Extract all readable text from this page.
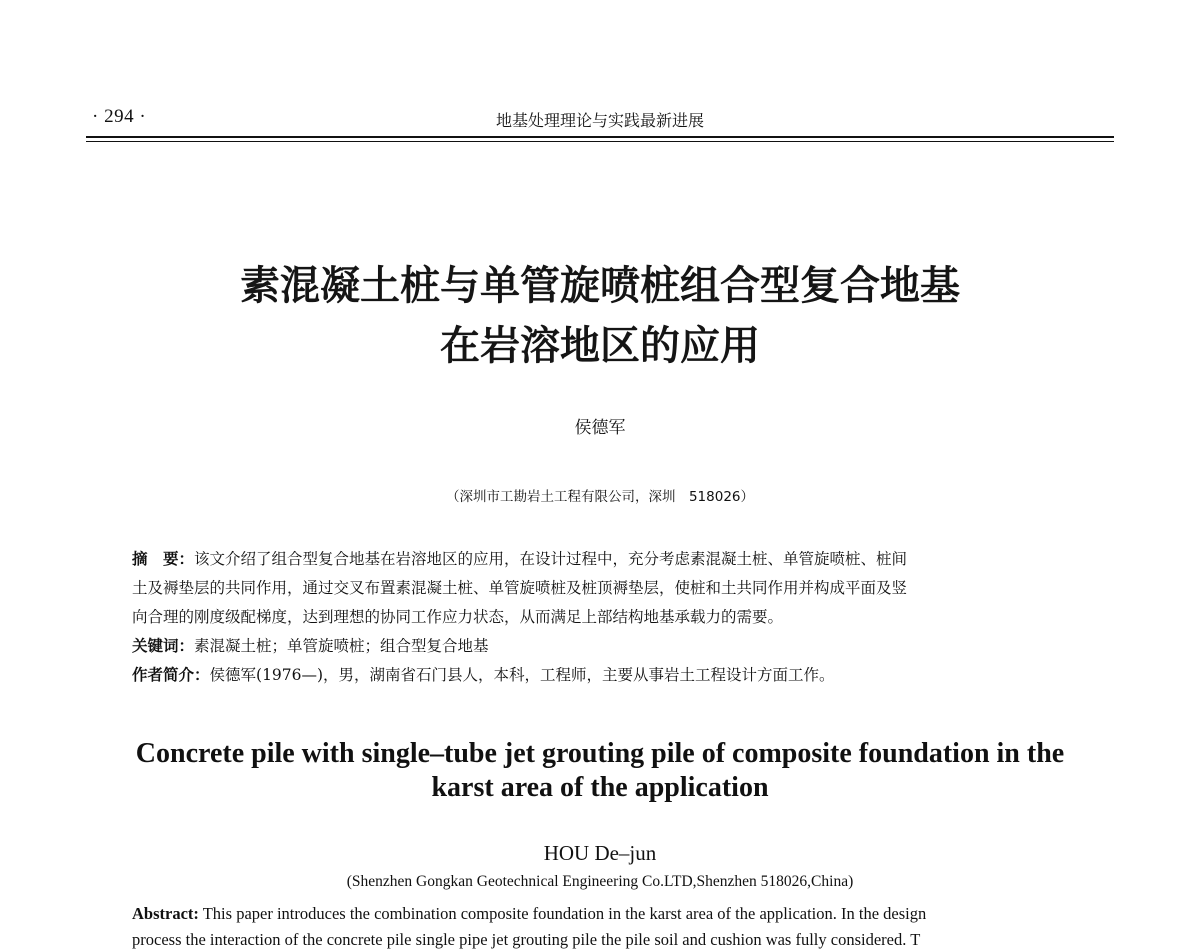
· 294 ·	地基处理理论与实践最新进展
素混凝土桩与单管旋喷桩组合型复合地基
在岩溶地区的应用
侯德军
（深圳市工勘岩土工程有限公司，深圳　518026）
摘　要：该文介绍了组合型复合地基在岩溶地区的应用，在设计过程中，充分考虑素混凝土桩、单管旋喷桩、桩间
土及褥垫层的共同作用，通过交叉布置素混凝土桩、单管旋喷桩及桩顶褥垫层，使桩和土共同作用并构成平面及竖
向合理的刚度级配梯度，达到理想的协同工作应力状态，从而满足上部结构地基承载力的需要。
关键词：素混凝土桩；单管旋喷桩；组合型复合地基
作者简介：侯德军(1976—)，男，湖南省石门县人，本科，工程师，主要从事岩土工程设计方面工作。
Concrete pile with single–tube jet grouting pile of composite foundation in the
karst area of the application
HOU De–jun
(Shenzhen Gongkan Geotechnical Engineering Co.LTD,Shenzhen 518026,China)
Abstract: This paper introduces the combination composite foundation in the karst area of the application. In the design
process the interaction of the concrete pile single pipe jet grouting pile the pile soil and cushion was fully considered. T
